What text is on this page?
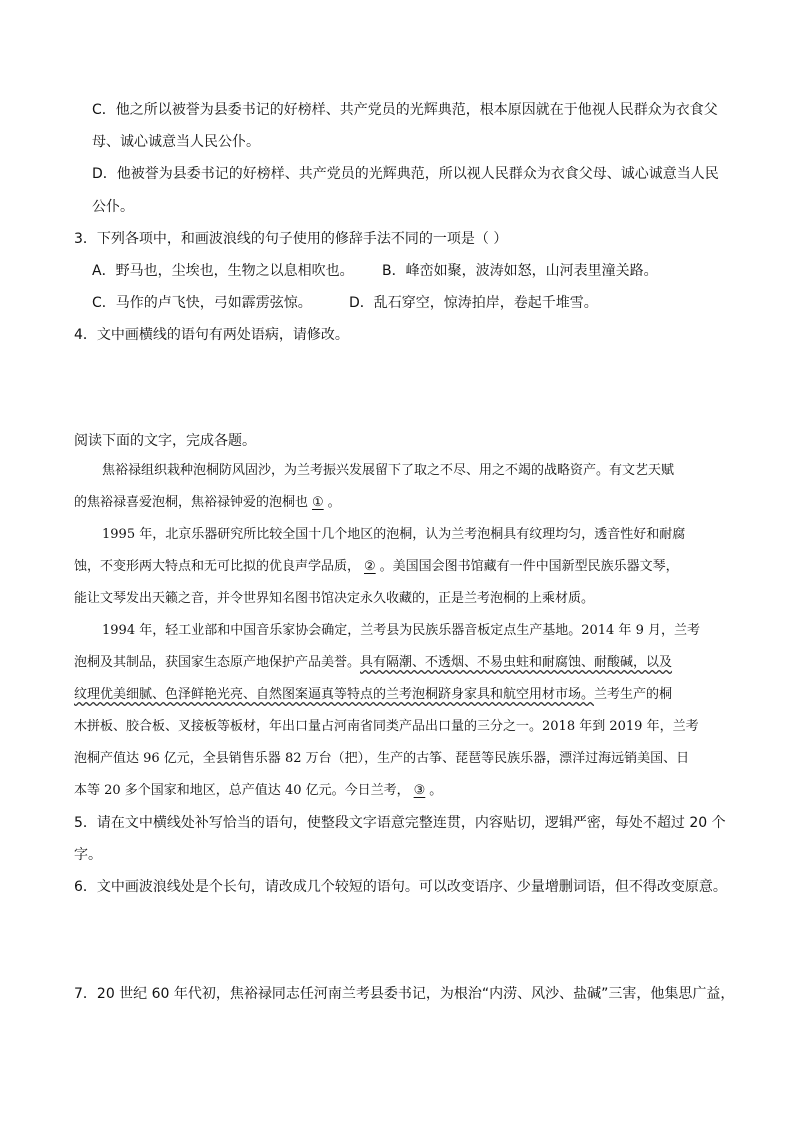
C．他之所以被誉为县委书记的好榜样、共产党员的光辉典范，根本原因就在于他视人民群众为衣食父
母、诚心诚意当人民公仆。
D．他被誉为县委书记的好榜样、共产党员的光辉典范，所以视人民群众为衣食父母、诚心诚意当人民
公仆。
3．下列各项中，和画波浪线的句子使用的修辞手法不同的一项是（ ）
A．野马也，尘埃也，生物之以息相吹也。 B．峰峦如聚，波涛如怒，山河表里潼关路。
C．马作的卢飞快，弓如霹雳弦惊。	D．乱石穿空，惊涛拍岸，卷起千堆雪。
4．文中画横线的语句有两处语病，请修改。
阅读下面的文字，完成各题。
焦裕禄组织栽种泡桐防风固沙，为兰考振兴发展留下了取之不尽、用之不竭的战略资产。有文艺天赋
的焦裕禄喜爱泡桐，焦裕禄钟爱的泡桐也 ① 。
1995 年，北京乐器研究所比较全国十几个地区的泡桐，认为兰考泡桐具有纹理均匀，透音性好和耐腐
蚀，不变形两大特点和无可比拟的优良声学品质， ② 。美国国会图书馆藏有一件中国新型民族乐器文琴，
能让文琴发出天籁之音，并令世界知名图书馆决定永久收藏的，正是兰考泡桐的上乘材质。
1994 年，轻工业部和中国音乐家协会确定，兰考县为民族乐器音板定点生产基地。2014 年 9 月，兰考
泡桐及其制品，获国家生态原产地保护产品美誉。具有隔潮、不透烟、不易虫蛀和耐腐蚀、耐酸碱，以及
纹理优美细腻、色泽鲜艳光亮、自然图案逼真等特点的兰考泡桐跻身家具和航空用材市场。兰考生产的桐
木拼板、胶合板、叉接板等板材，年出口量占河南省同类产品出口量的三分之一。2018 年到 2019 年，兰考
泡桐产值达 96 亿元，全县销售乐器 82 万台（把），生产的古筝、琵琶等民族乐器，漂洋过海远销美国、日
本等 20 多个国家和地区，总产值达 40 亿元。今日兰考， ③ 。
5．请在文中横线处补写恰当的语句，使整段文字语意完整连贯，内容贴切，逻辑严密，每处不超过 20 个
字。
6．文中画波浪线处是个长句，请改成几个较短的语句。可以改变语序、少量增删词语，但不得改变原意。
7．20 世纪 60 年代初，焦裕禄同志任河南兰考县委书记，为根治“内涝、风沙、盐碱”三害，他集思广益，
